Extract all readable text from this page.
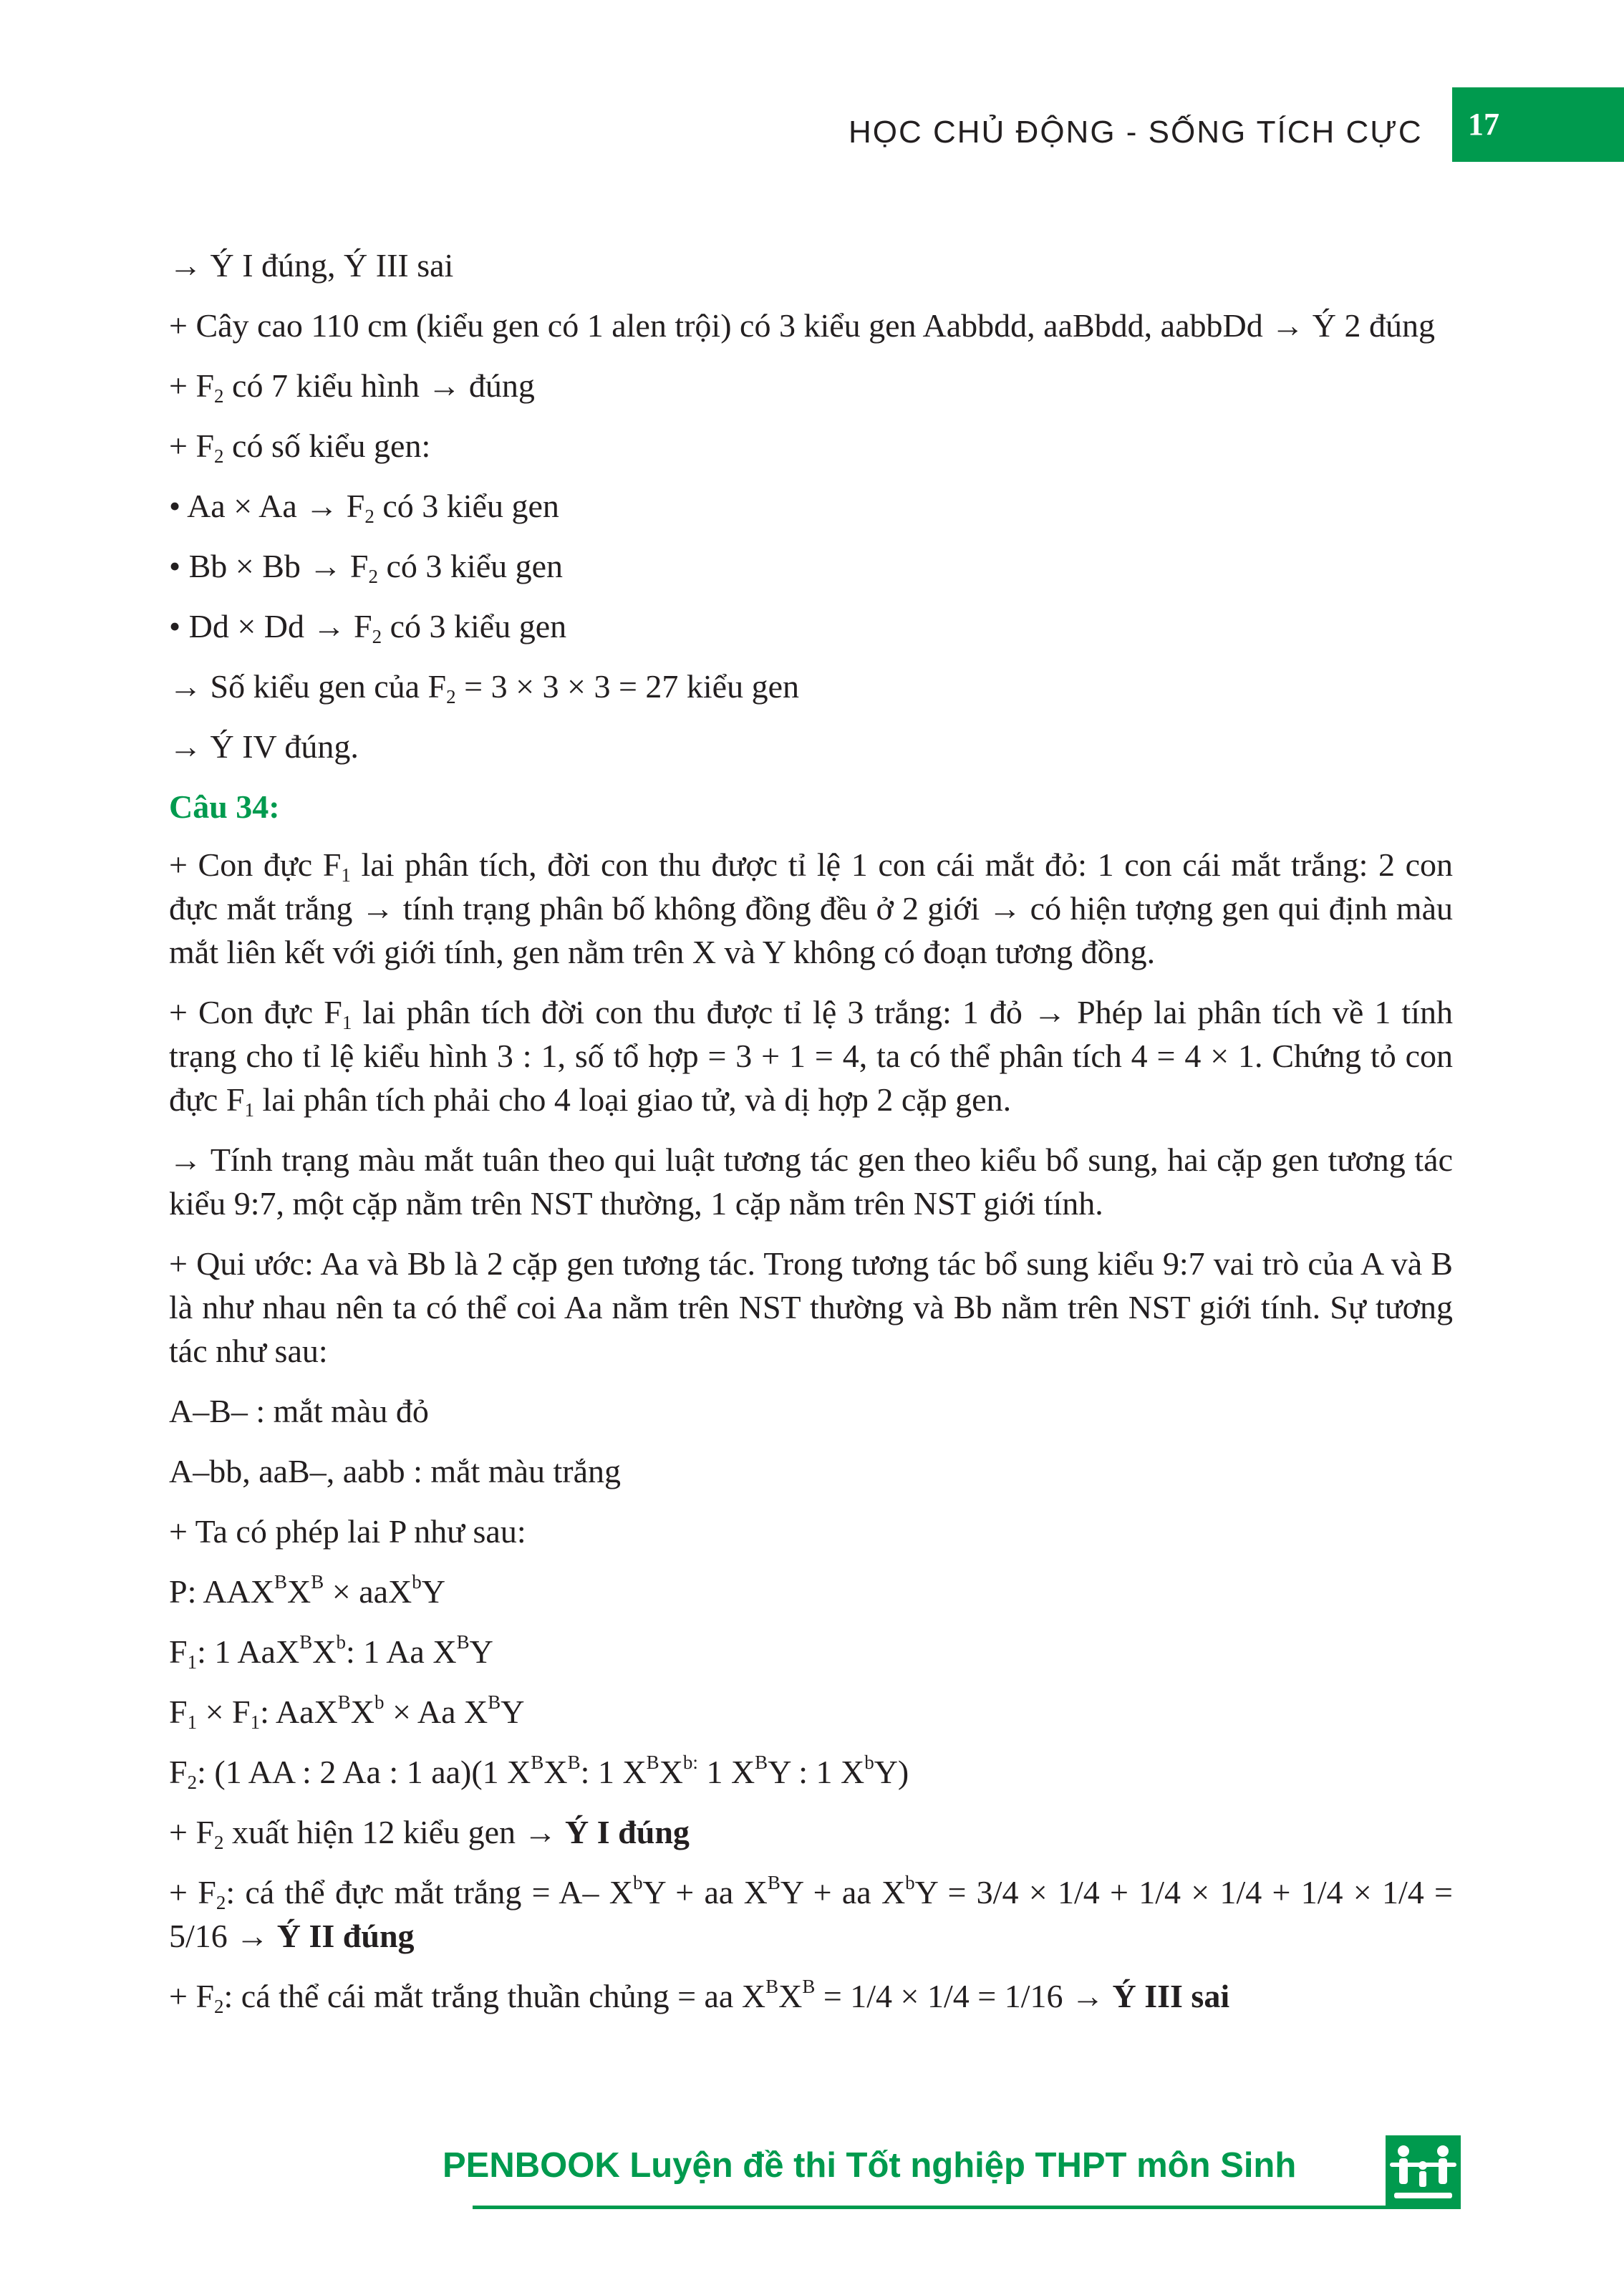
HỌC CHỦ ĐỘNG - SỐNG TÍCH CỰC 17

→ Ý I đúng, Ý III sai

+ Cây cao 110 cm (kiểu gen có 1 alen trội) có 3 kiểu gen Aabbdd, aaBbdd, aabbDd → Ý 2 đúng

+ $F_2$ có 7 kiểu hình → đúng

+ $F_2$ có số kiểu gen:

• $Aa \times Aa \to F_2$ có 3 kiểu gen

• $Bb \times Bb \to F_2$ có 3 kiểu gen

• $Dd \times Dd \to F_2$ có 3 kiểu gen

→ Số kiểu gen của $F_2 = 3 \times 3 \times 3 = 27$ kiểu gen

→ Ý IV đúng.

Câu 34:

+ Con đực $F_1$ lai phân tích, đời con thu được tỉ lệ 1 con cái mắt đỏ: 1 con cái mắt trắng: 2 con đực mắt trắng → tính trạng phân bố không đồng đều ở 2 giới → có hiện tượng gen qui định màu mắt liên kết với giới tính, gen nằm trên X và Y không có đoạn tương đồng.

+ Con đực $F_1$ lai phân tích đời con thu được tỉ lệ 3 trắng: 1 đỏ → Phép lai phân tích về 1 tính trạng cho tỉ lệ kiểu hình 3 : 1, số tổ hợp = 3 + 1 = 4, ta có thể phân tích 4 = 4 × 1. Chứng tỏ con đực $F_1$ lai phân tích phải cho 4 loại giao tử, và dị hợp 2 cặp gen.

→ Tính trạng màu mắt tuân theo qui luật tương tác gen theo kiểu bổ sung, hai cặp gen tương tác kiểu 9:7, một cặp nằm trên NST thường, 1 cặp nằm trên NST giới tính.

+ Qui ước: Aa và Bb là 2 cặp gen tương tác. Trong tương tác bổ sung kiểu 9:7 vai trò của A và B là như nhau nên ta có thể coi Aa nằm trên NST thường và Bb nằm trên NST giới tính. Sự tương tác như sau:

A–B– : mắt màu đỏ

A–bb, aaB–, aabb : mắt màu trắng

+ Ta có phép lai P như sau:

P: $AAX^BX^B \times aaX^bY$

$F_1$: 1 $AaX^BX^b$: 1 Aa $X^BY$

$F_1 \times F_1$: $AaX^BX^b \times Aa$ $X^BY$

$F_2$: (1 AA : 2 Aa : 1 aa)(1 $X^BX^B$: 1 $X^BX^{b:}$ 1 $X^BY$ : 1 $X^bY$)

+ $F_2$ xuất hiện 12 kiểu gen → Ý I đúng

+ $F_2$: cá thể đực mắt trắng = A– $X^bY$ + aa $X^BY$ + aa $X^bY = 3/4 \times 1/4 + 1/4 \times 1/4 + 1/4 \times 1/4 = 5/16$ → Ý II đúng

+ $F_2$: cá thể cái mắt trắng thuần chủng = aa $X^BX^B = 1/4 \times 1/4 = 1/16$ → Ý III sai

PENBOOK Luyện đề thi Tốt nghiệp THPT môn Sinh
